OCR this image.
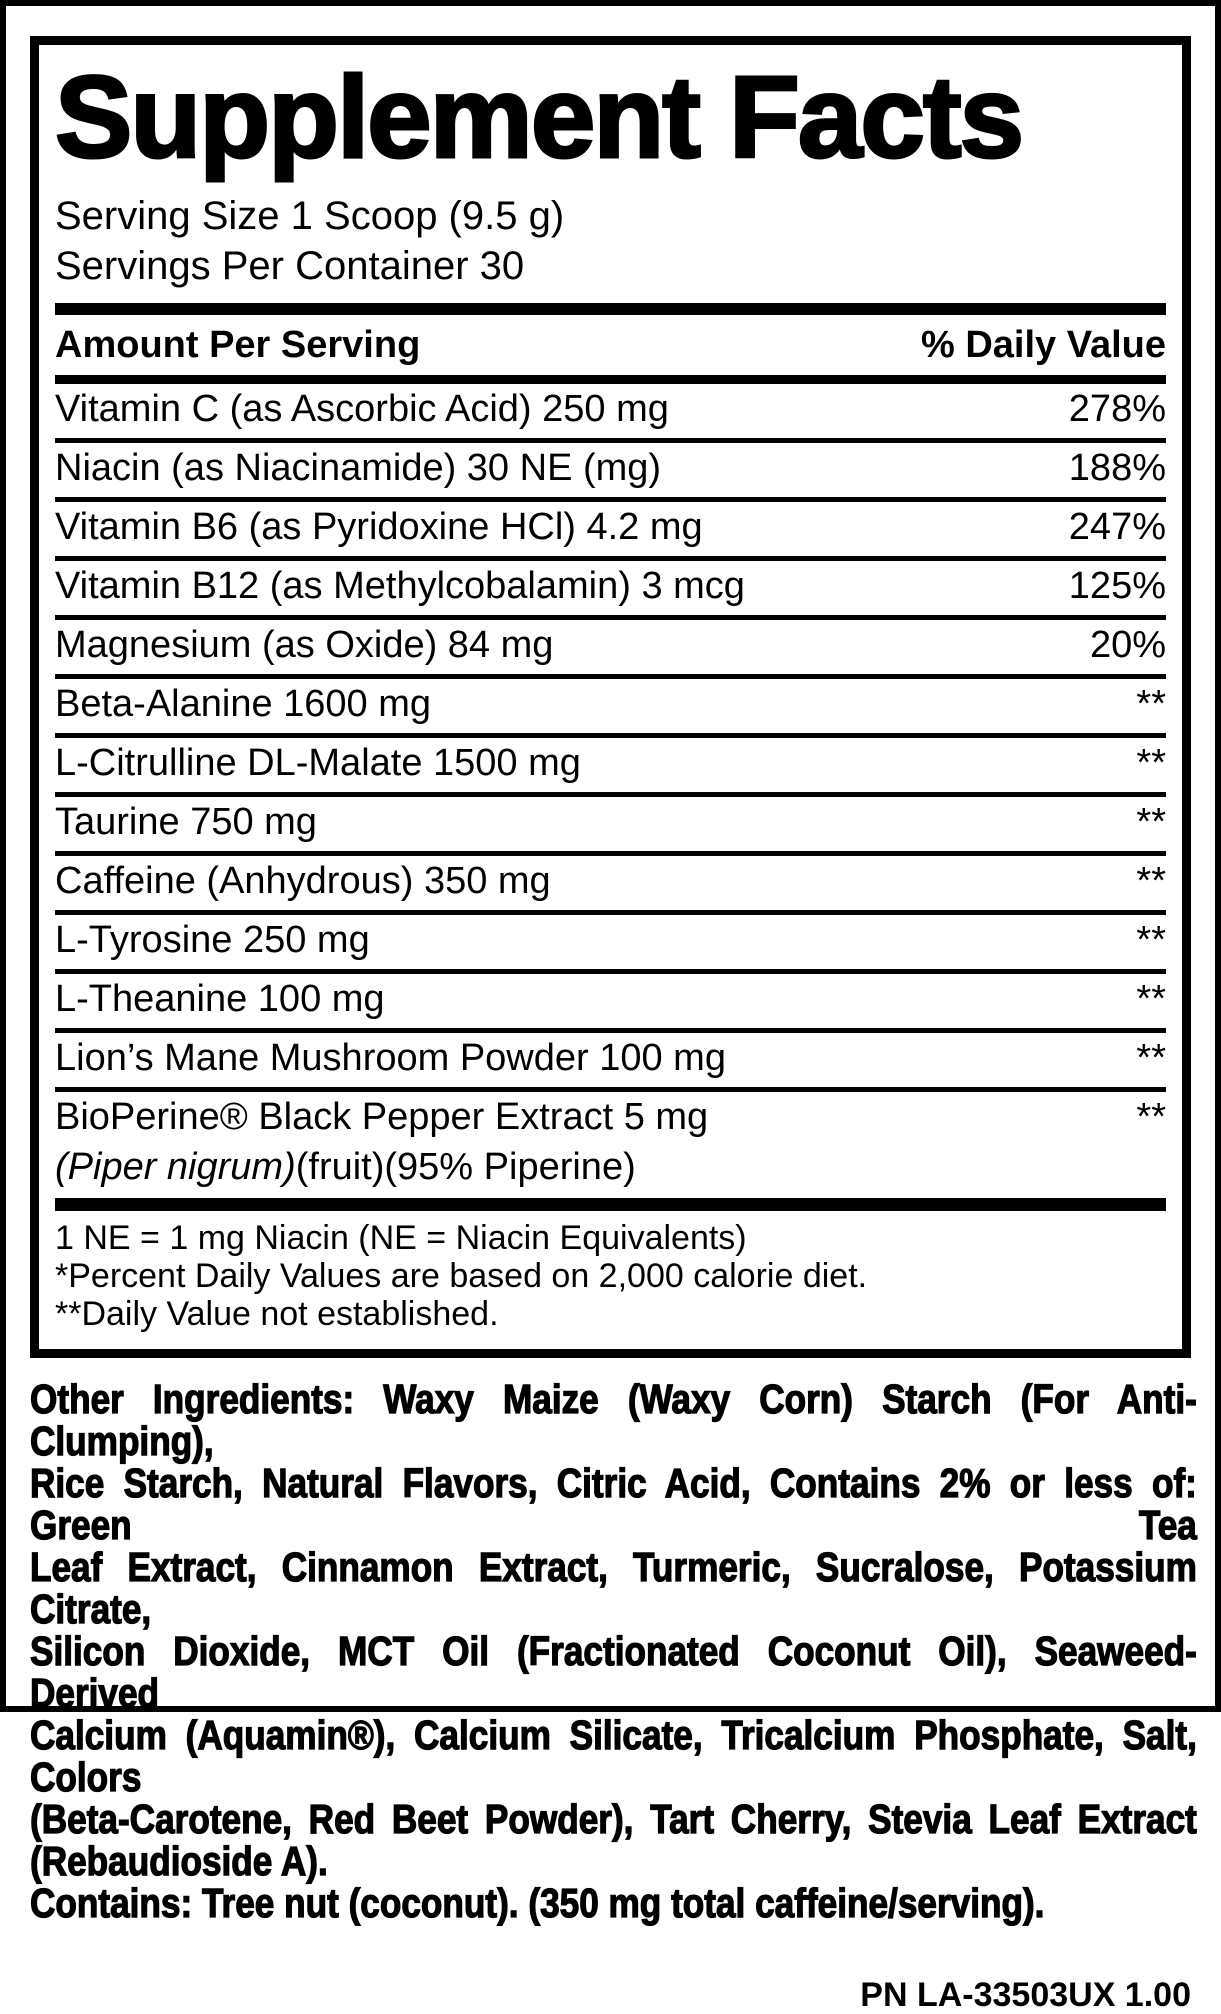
Supplement Facts
Serving Size 1 Scoop (9.5 g)
Servings Per Container 30
Amount Per Serving	% Daily Value
Vitamin C (as Ascorbic Acid) 250 mg	278%
Niacin (as Niacinamide) 30 NE (mg)	188%
Vitamin B6 (as Pyridoxine HCl) 4.2 mg	247%
Vitamin B12 (as Methylcobalamin) 3 mcg	125%
Magnesium (as Oxide) 84 mg	20%
Beta-Alanine 1600 mg	**
L-Citrulline DL-Malate 1500 mg	**
Taurine 750 mg	**
Caffeine (Anhydrous) 350 mg	**
L-Tyrosine 250 mg	**
L-Theanine 100 mg	**
Lion’s Mane Mushroom Powder 100 mg	**
BioPerine® Black Pepper Extract 5 mg	**
(Piper nigrum)(fruit)(95% Piperine)
1 NE = 1 mg Niacin (NE = Niacin Equivalents)
*Percent Daily Values are based on 2,000 calorie diet.
**Daily Value not established.
Other Ingredients: Waxy Maize (Waxy Corn) Starch (For Anti-Clumping),
Rice Starch, Natural Flavors, Citric Acid, Contains 2% or less of: Green Tea
Leaf Extract, Cinnamon Extract, Turmeric, Sucralose, Potassium Citrate,
Silicon Dioxide, MCT Oil (Fractionated Coconut Oil), Seaweed-Derived
Calcium (Aquamin®), Calcium Silicate, Tricalcium Phosphate, Salt, Colors
(Beta-Carotene, Red Beet Powder), Tart Cherry, Stevia Leaf Extract
(Rebaudioside A).
Contains: Tree nut (coconut). (350 mg total caffeine/serving).
PN LA-33503UX 1.00
